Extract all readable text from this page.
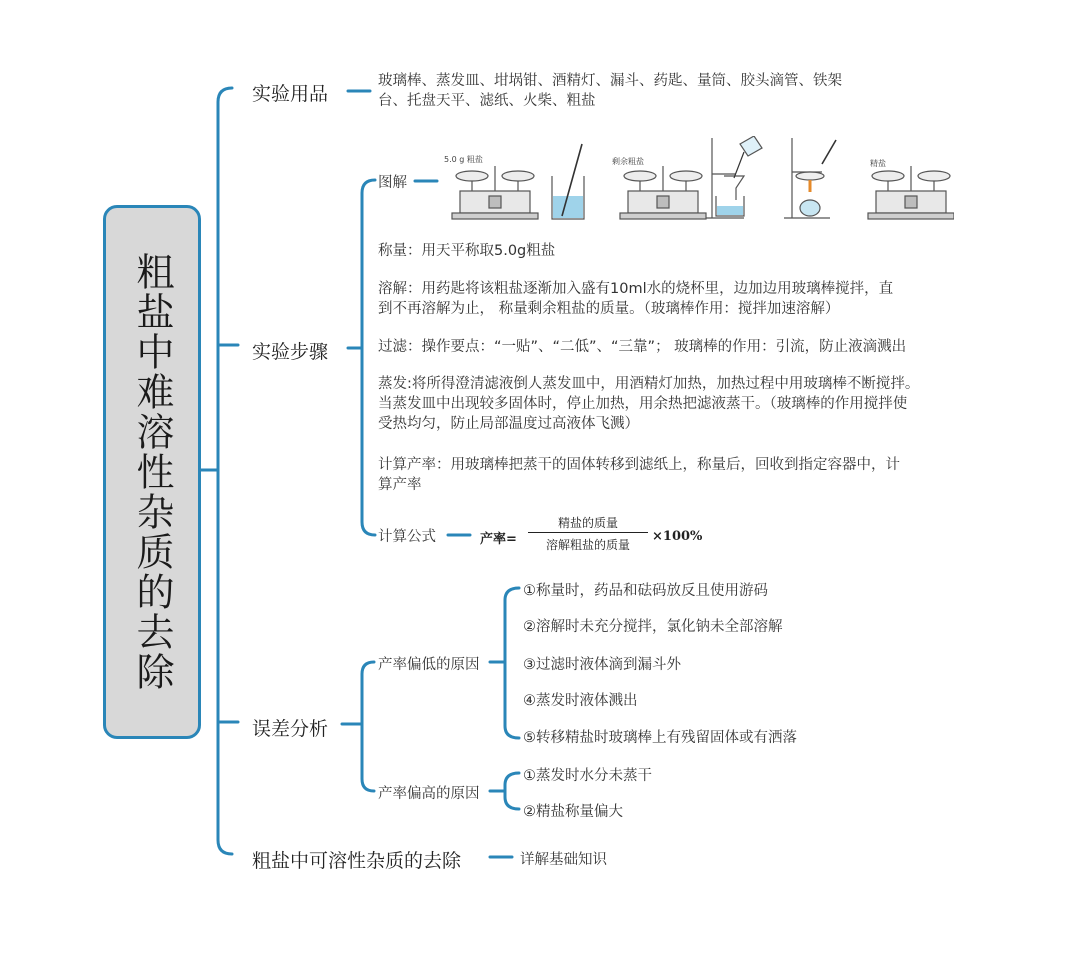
粗盐中难溶性杂质的去除
实验用品
玻璃棒、蒸发皿、坩埚钳、酒精灯、漏斗、药匙、量筒、胶头滴管、铁架
台、托盘天平、滤纸、火柴、粗盐
实验步骤
图解
5.0 g 粗盐	剩余粗盐	精盐
称量：用天平称取5.0g粗盐
溶解：用药匙将该粗盐逐渐加入盛有10ml水的烧杯里，边加边用玻璃棒搅拌，直
到不再溶解为止， 称量剩余粗盐的质量。（玻璃棒作用：搅拌加速溶解）
过滤：操作要点：“一贴”、“二低”、“三靠”； 玻璃棒的作用：引流，防止液滴溅出
蒸发:将所得澄清滤液倒人蒸发皿中，用酒精灯加热，加热过程中用玻璃棒不断搅拌。
当蒸发皿中出现较多固体时，停止加热，用余热把滤液蒸干。（玻璃棒的作用搅拌使
受热均匀，防止局部温度过高液体飞溅）
计算产率：用玻璃棒把蒸干的固体转移到滤纸上，称量后，回收到指定容器中，计
算产率
计算公式	产率=
精盐的质量
溶解粗盐的质量
×100%
误差分析
产率偏低的原因
①称量时，药品和砝码放反且使用游码
②溶解时未充分搅拌，氯化钠未全部溶解
③过滤时液体滴到漏斗外
④蒸发时液体溅出
⑤转移精盐时玻璃棒上有残留固体或有洒落
产率偏高的原因
①蒸发时水分未蒸干
②精盐称量偏大
粗盐中可溶性杂质的去除	详解基础知识
